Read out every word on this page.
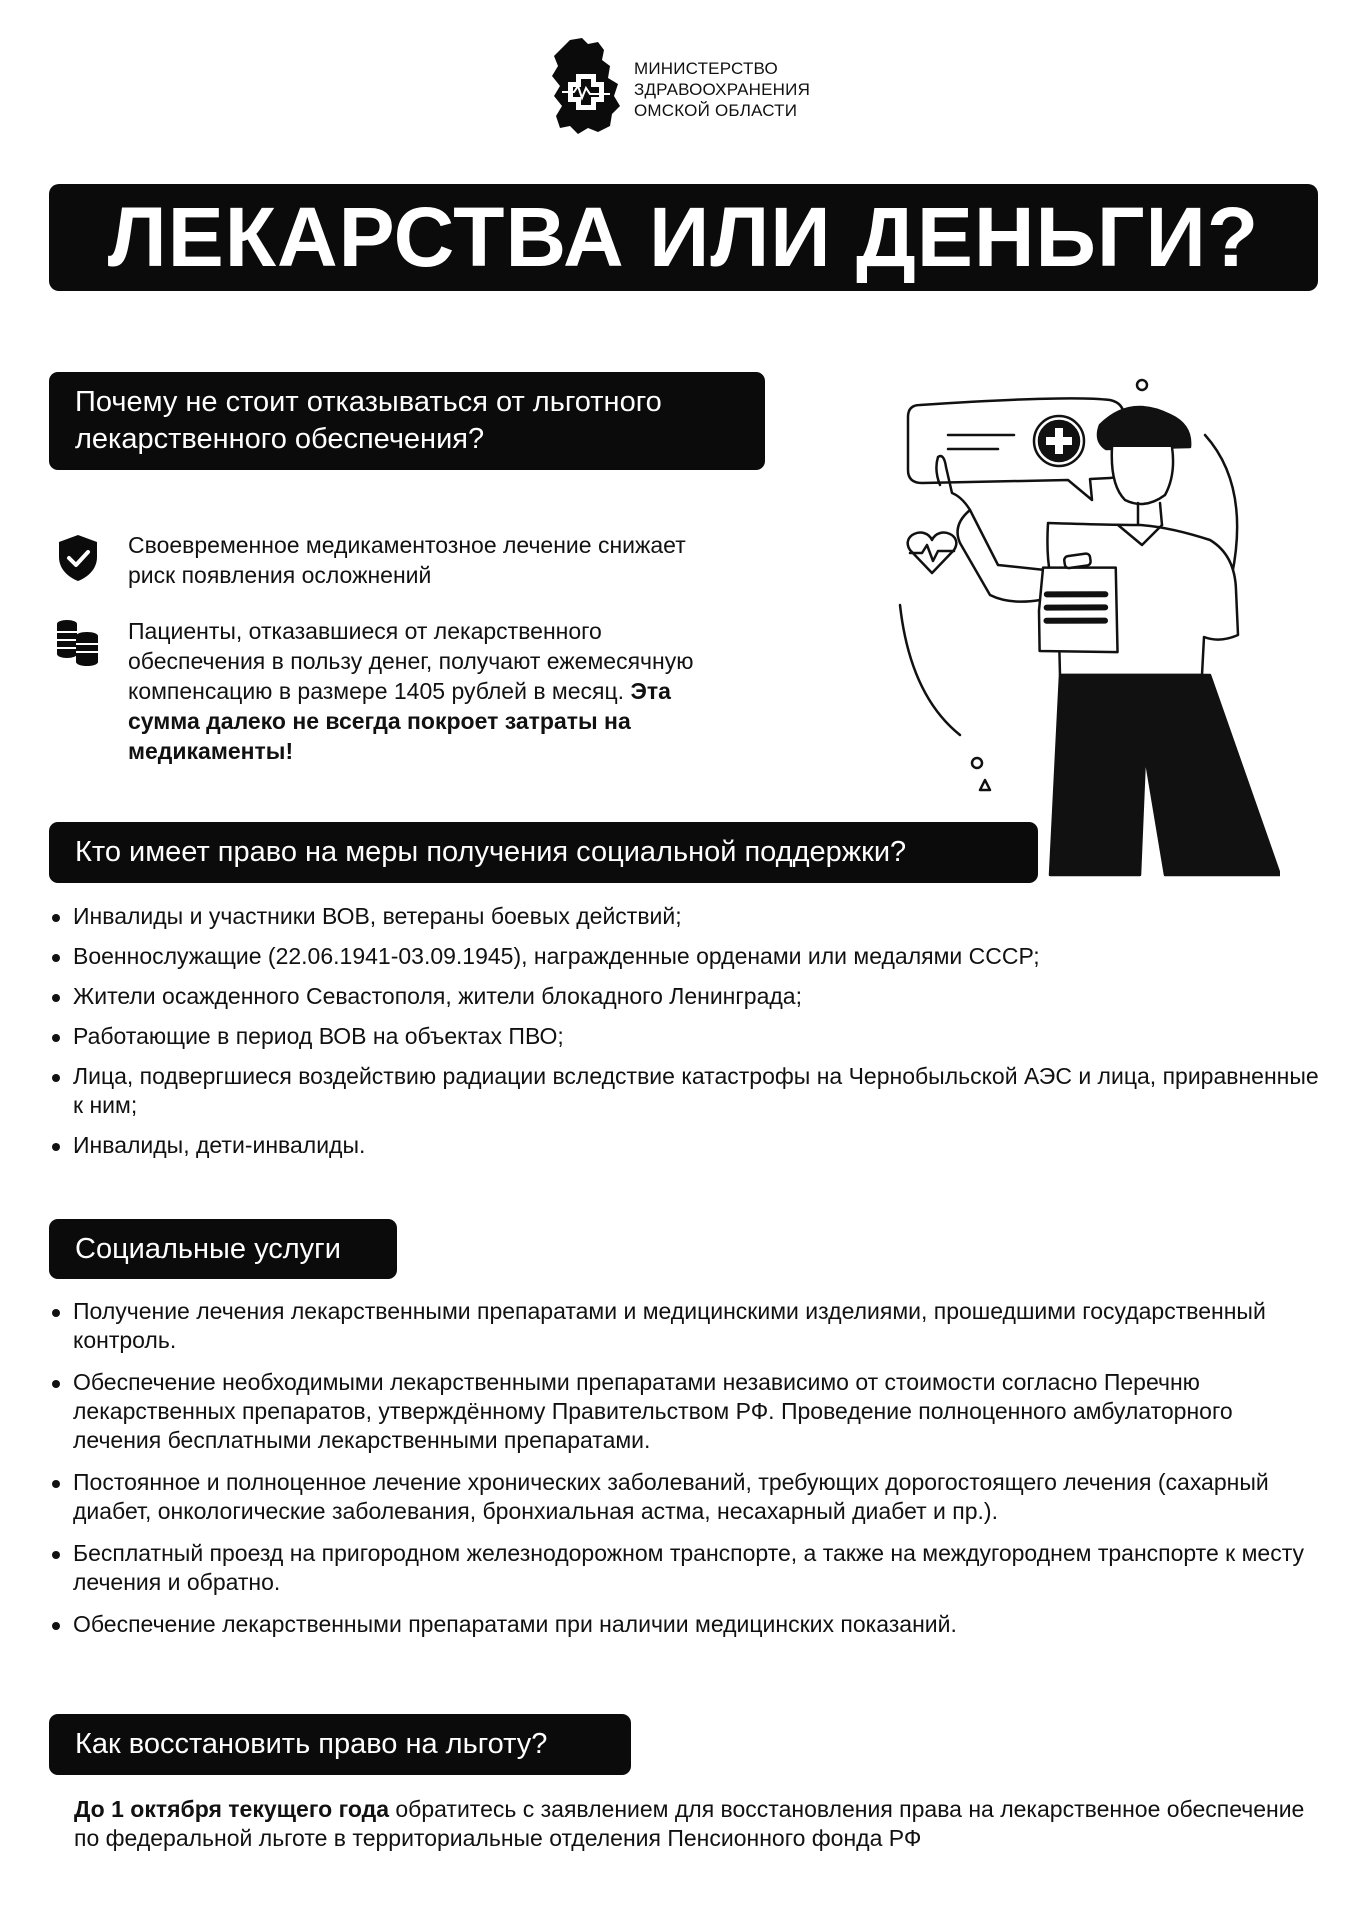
МИНИСТЕРСТВО
ЗДРАВООХРАНЕНИЯ
ОМСКОЙ ОБЛАСТИ
ЛЕКАРСТВА ИЛИ ДЕНЬГИ?
Почему не стоит отказываться от льготного
лекарственного обеспечения?
Своевременное медикаментозное лечение снижает риск появления осложнений
Пациенты, отказавшиеся от лекарственного обеспечения в пользу денег, получают ежемесячную компенсацию в размере 1405 рублей в месяц. Эта сумма далеко не всегда покроет затраты на медикаменты!
Кто имеет право на меры получения социальной поддержки?
Инвалиды и участники ВОВ, ветераны боевых действий;
Военнослужащие (22.06.1941-03.09.1945), награжденные орденами или медалями СССР;
Жители осажденного Севастополя, жители блокадного Ленинграда;
Работающие в период ВОВ на объектах ПВО;
Лица, подвергшиеся воздействию радиации вследствие катастрофы на Чернобыльской АЭС и лица, приравненные к ним;
Инвалиды, дети-инвалиды.
Социальные услуги
Получение лечения лекарственными препаратами и медицинскими изделиями, прошедшими государственный контроль.
Обеспечение необходимыми лекарственными препаратами независимо от стоимости согласно Перечню лекарственных препаратов, утверждённому Правительством РФ. Проведение полноценного амбулаторного лечения бесплатными лекарственными препаратами.
Постоянное и полноценное лечение хронических заболеваний, требующих дорогостоящего лечения (сахарный диабет, онкологические заболевания, бронхиальная астма, несахарный диабет и пр.).
Бесплатный проезд на пригородном железнодорожном транспорте, а также на междугороднем транспорте к месту лечения и обратно.
Обеспечение лекарственными препаратами при наличии медицинских показаний.
Как восстановить право на льготу?
До 1 октября текущего года обратитесь с заявлением для восстановления права на лекарственное обеспечение по федеральной льготе в территориальные отделения Пенсионного фонда РФ
